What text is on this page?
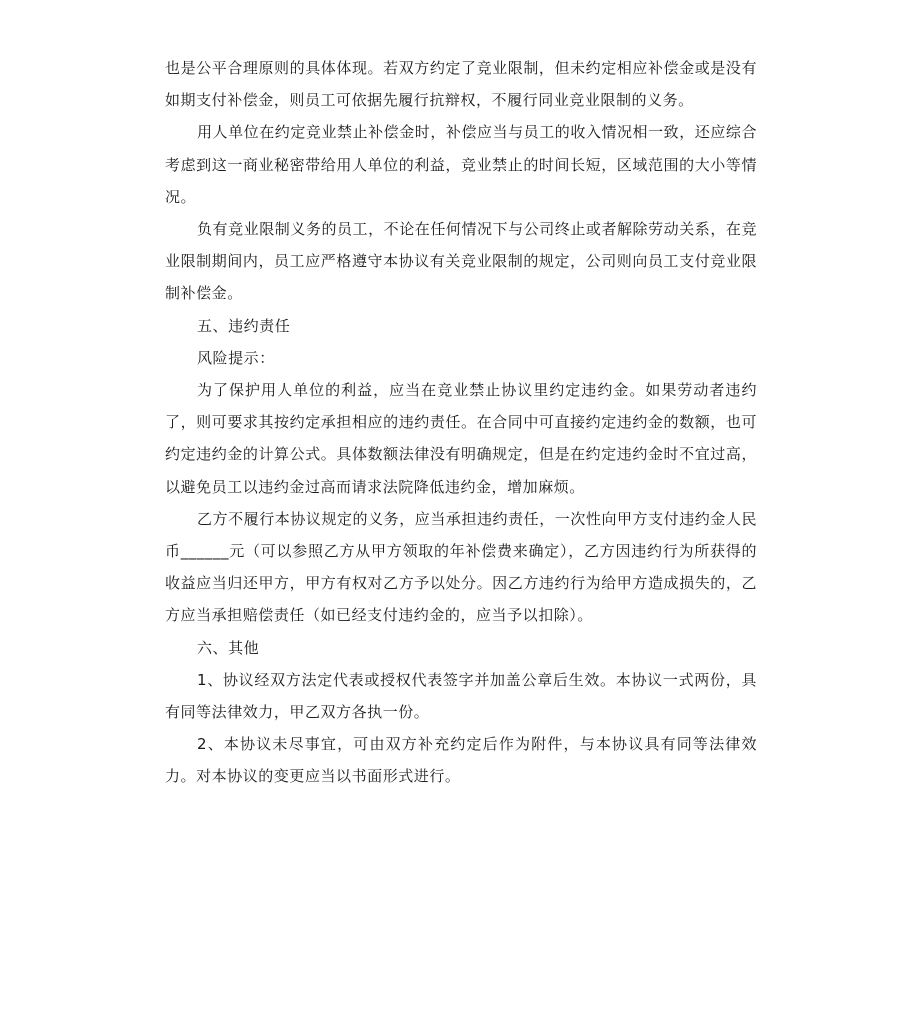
也是公平合理原则的具体体现。若双方约定了竞业限制，但未约定相应补偿金或是没有如期支付补偿金，则员工可依据先履行抗辩权，不履行同业竞业限制的义务。

用人单位在约定竞业禁止补偿金时，补偿应当与员工的收入情况相一致，还应综合考虑到这一商业秘密带给用人单位的利益，竞业禁止的时间长短，区域范围的大小等情况。

负有竞业限制义务的员工，不论在任何情况下与公司终止或者解除劳动关系，在竞业限制期间内，员工应严格遵守本协议有关竞业限制的规定，公司则向员工支付竞业限制补偿金。

五、违约责任

风险提示：

为了保护用人单位的利益，应当在竞业禁止协议里约定违约金。如果劳动者违约了，则可要求其按约定承担相应的违约责任。在合同中可直接约定违约金的数额，也可约定违约金的计算公式。具体数额法律没有明确规定，但是在约定违约金时不宜过高，以避免员工以违约金过高而请求法院降低违约金，增加麻烦。

乙方不履行本协议规定的义务，应当承担违约责任，一次性向甲方支付违约金人民币______元（可以参照乙方从甲方领取的年补偿费来确定），乙方因违约行为所获得的收益应当归还甲方，甲方有权对乙方予以处分。因乙方违约行为给甲方造成损失的，乙方应当承担赔偿责任（如已经支付违约金的，应当予以扣除）。

六、其他

1、协议经双方法定代表或授权代表签字并加盖公章后生效。本协议一式两份，具有同等法律效力，甲乙双方各执一份。

2、本协议未尽事宜，可由双方补充约定后作为附件，与本协议具有同等法律效力。对本协议的变更应当以书面形式进行。
